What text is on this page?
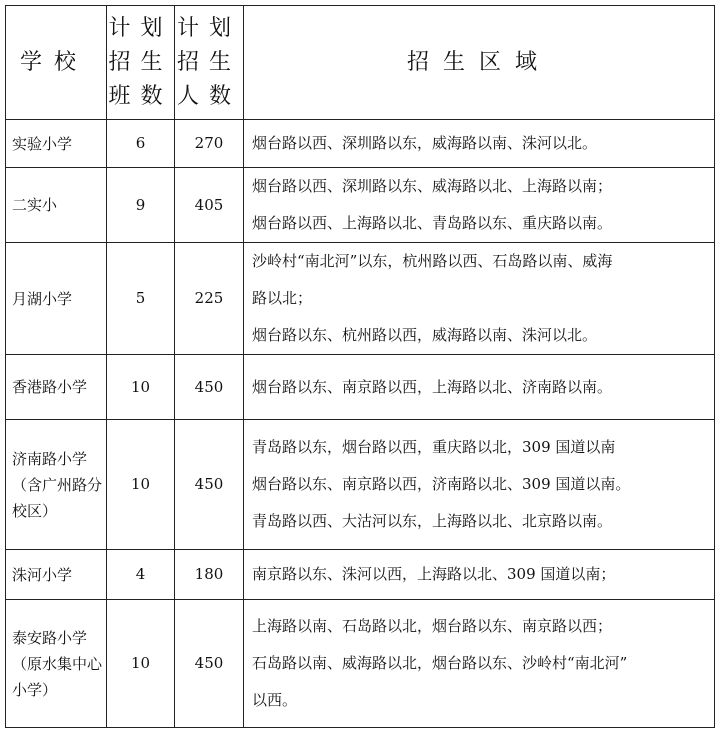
学校	计划
招生
班数	计划
招生
人数	招生区域
实验小学	6	270	烟台路以西、深圳路以东，威海路以南、洙河以北。

二实小	9	405	烟台路以西、深圳路以东、威海路以北、上海路以南；
烟台路以西、上海路以北、青岛路以东、重庆路以南。

月湖小学	5	225	沙岭村“南北河”以东，杭州路以西、石岛路以南、威海
路以北；
烟台路以东、杭州路以西，威海路以南、洙河以北。

香港路小学	10	450	烟台路以东、南京路以西，上海路以北、济南路以南。

济南路小学（含广州路分校区）	10	450	青岛路以东，烟台路以西，重庆路以北，309 国道以南
烟台路以东、南京路以西，济南路以北、309 国道以南。
青岛路以西、大沽河以东，上海路以北、北京路以南。

洙河小学	4	180	南京路以东、洙河以西，上海路以北、309 国道以南；

泰安路小学（原水集中心小学）	10	450	上海路以南、石岛路以北，烟台路以东、南京路以西；
石岛路以南、威海路以北，烟台路以东、沙岭村“南北河”
以西。
